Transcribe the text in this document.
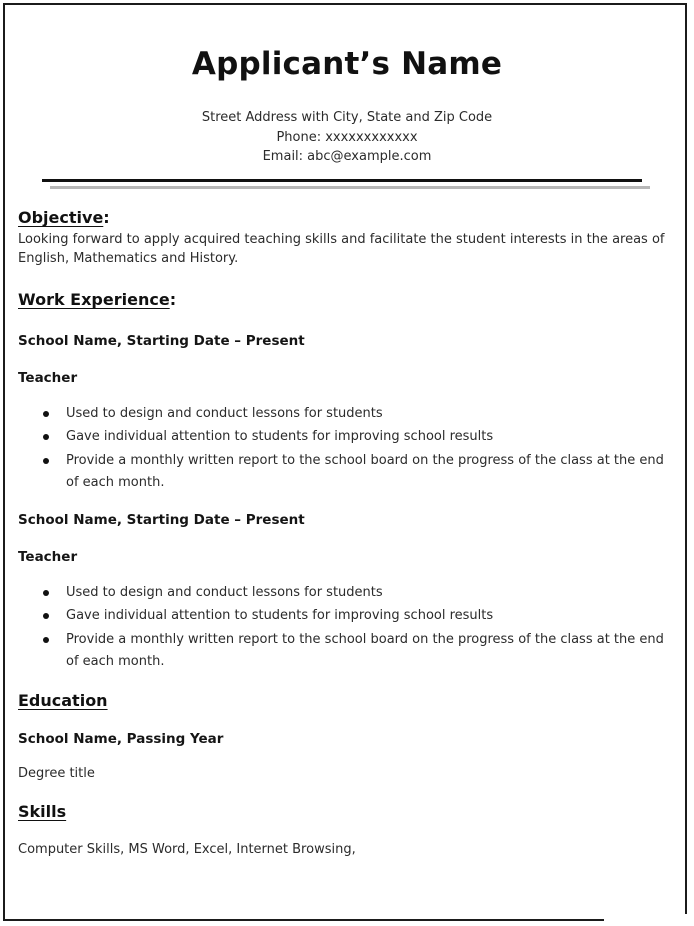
Applicant’s Name
Street Address with City, State and Zip Code
Phone: xxxxxxxxxxxx
Email: abc@example.com
Objective:
Looking forward to apply acquired teaching skills and facilitate the student interests in the areas of English, Mathematics and History.
Work Experience:
School Name, Starting Date – Present
Teacher
Used to design and conduct lessons for students
Gave individual attention to students for improving school results
Provide a monthly written report to the school board on the progress of the class at the end of each month.
School Name, Starting Date – Present
Teacher
Used to design and conduct lessons for students
Gave individual attention to students for improving school results
Provide a monthly written report to the school board on the progress of the class at the end of each month.
Education
School Name, Passing Year
Degree title
Skills
Computer Skills, MS Word, Excel, Internet Browsing,
